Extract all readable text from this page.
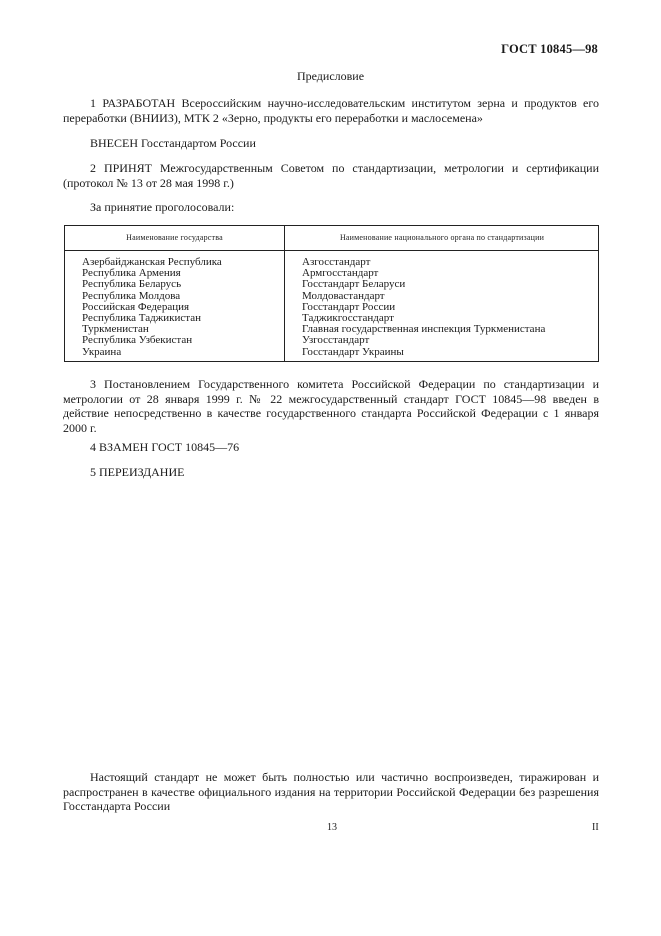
ГОСТ 10845—98
Предисловие
1 РАЗРАБОТАН Всероссийским научно-исследовательским институтом зерна и продуктов его переработки (ВНИИЗ), МТК 2 «Зерно, продукты его переработки и маслосемена»
ВНЕСЕН Госстандартом России
2 ПРИНЯТ Межгосударственным Советом по стандартизации, метрологии и сертификации (протокол № 13 от 28 мая 1998 г.)
За принятие проголосовали:
Наименование государства	Наименование национального органа по стандартизации
Азербайджанская Республика
Республика Армения
Республика Беларусь
Республика Молдова
Российская Федерация
Республика Таджикистан
Туркменистан
Республика Узбекистан
Украина
Азгосстандарт
Армгосстандарт
Госстандарт Беларуси
Молдовастандарт
Госстандарт России
Таджикгосстандарт
Главная государственная инспекция Туркменистана
Узгосстандарт
Госстандарт Украины
3 Постановлением Государственного комитета Российской Федерации по стандартизации и метрологии от 28 января 1999 г. № 22 межгосударственный стандарт ГОСТ 10845—98 введен в действие непосредственно в качестве государственного стандарта Российской Федерации с 1 января 2000 г.
4 ВЗАМЕН ГОСТ 10845—76
5 ПЕРЕИЗДАНИЕ
Настоящий стандарт не может быть полностью или частично воспроизведен, тиражирован и распространен в качестве официального издания на территории Российской Федерации без разрешения Госстандарта России
13	II
